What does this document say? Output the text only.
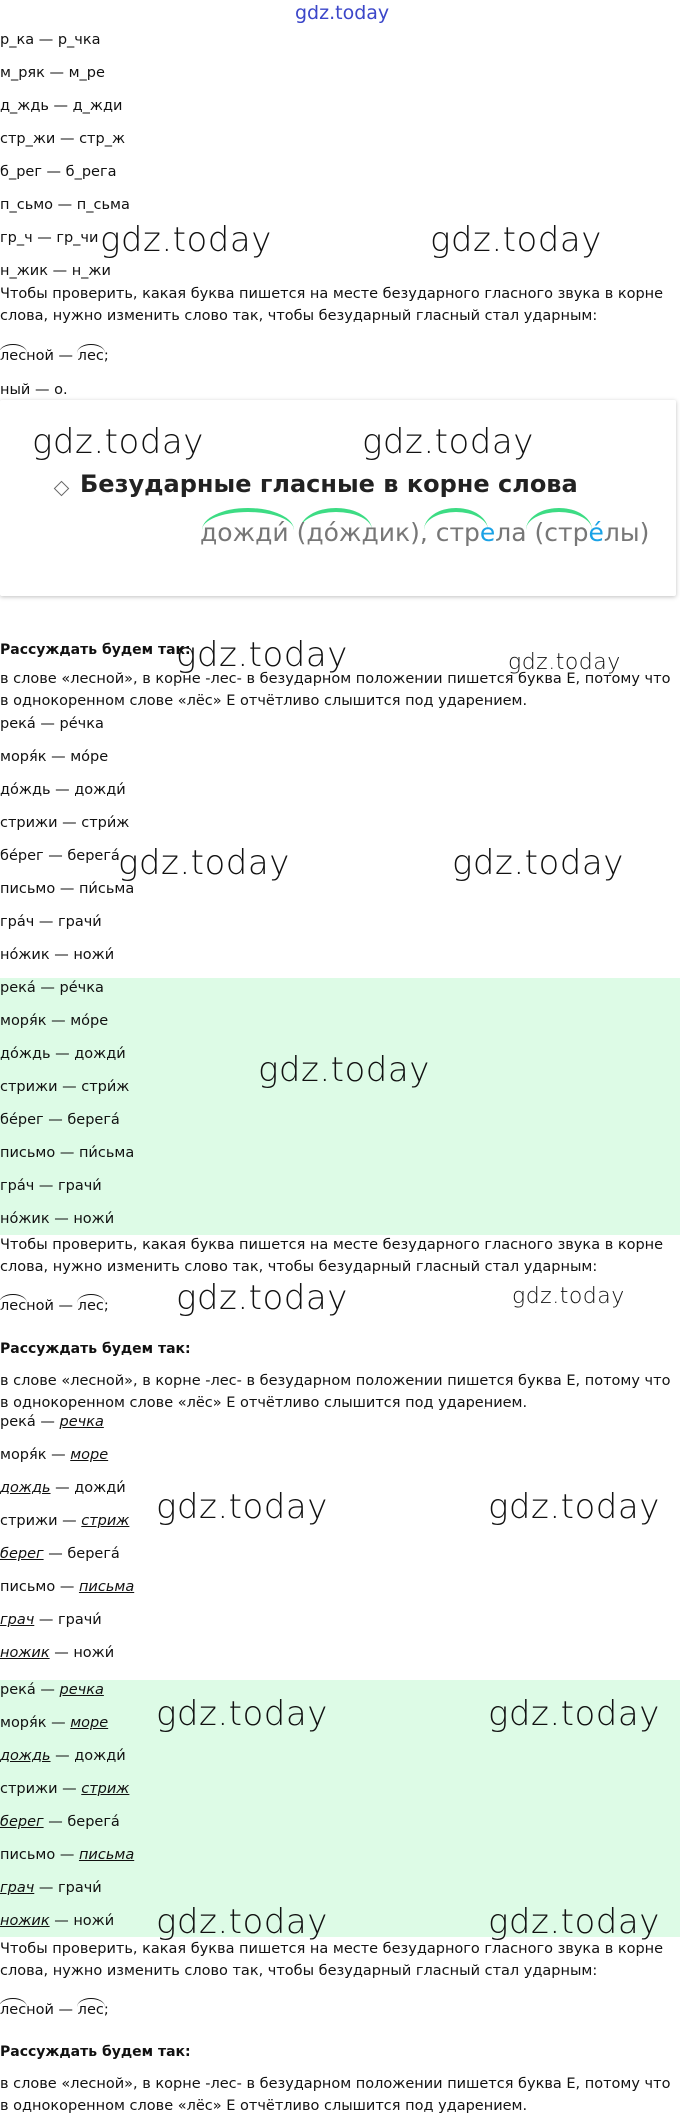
gdz.today
р_ка — р_чка
м_ряк — м_ре
д_ждь — д_жди
стр_жи — стр_ж
б_рег — б_рега
п_сьмо — п_сьма
гр_ч — гр_чи
н_жик — н_жи
gdz.today	gdz.today
Чтобы проверить, какая буква пишется на месте безударного гласного звука в корне слова, нужно изменить слово так, чтобы безударный гласный стал ударным:
лесной — лес;
ный — о.
gdz.today	gdz.today
Безударные гласные в корне слова
дожди́ (дождик), стрела (стре́лы)
Рассуждать будем так:
gdz.today	gdz.today
в слове «лесной», в корне -лес- в безударном положении пишется буква Е, потому что в однокоренном слове «лёс» Е отчётливо слышится под ударением.
река́ — ре́чка
моря́к — мо́ре
до́ждь — дожди́
стрижи — стри́ж
бе́рег — берега́
письмо — пи́сьма
гра́ч — грачи́
но́жик — ножи́
gdz.today	gdz.today
река́ — ре́чка
моря́к — мо́ре
до́ждь — дожди́
стрижи — стри́ж
бе́рег — берега́
письмо — пи́сьма
гра́ч — грачи́
но́жик — ножи́
gdz.today
Чтобы проверить, какая буква пишется на месте безударного гласного звука в корне слова, нужно изменить слово так, чтобы безударный гласный стал ударным:
лесной — лес; gdz.today	gdz.today
Рассуждать будем так:
в слове «лесной», в корне -лес- в безударном положении пишется буква Е, потому что в однокоренном слове «лёс» Е отчётливо слышится под ударением.
река́ — речка
моря́к — море
дождь — дожди́
стрижи — стриж
берег — берега́
письмо — письма
грач — грачи́
ножик — ножи́
gdz.today	gdz.today
река́ — речка
моря́к — море
дождь — дожди́
стрижи — стриж
берег — берега́
письмо — письма
грач — грачи́
ножик — ножи́
gdz.today	gdz.today
gdz.today	gdz.today
Чтобы проверить, какая буква пишется на месте безударного гласного звука в корне слова, нужно изменить слово так, чтобы безударный гласный стал ударным:
лесной — лес;
Рассуждать будем так:
в слове «лесной», в корне -лес- в безударном положении пишется буква Е, потому что в однокоренном слове «лёс» Е отчётливо слышится под ударением.
